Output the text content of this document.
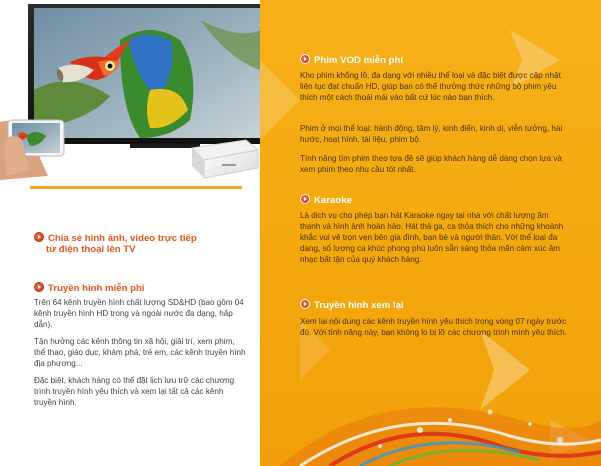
Chia sẻ hình ảnh, video trực tiếp
từ điện thoại lên TV
Truyền hình miễn phí
Trên 64 kênh truyền hình chất lượng SD&HD (bao gồm 04 kênh truyền hình HD trong và ngoài nước đa dạng, hấp dẫn).
Tận hưởng các kênh thông tin xã hội, giải trí, xem phim, thể thao, giáo dục, khám phá, trẻ em, các kênh truyền hình địa phương...
Đặc biệt, khách hàng có thể đặt lịch lưu trữ các chương trình truyền hình yêu thích và xem lại tất cả các kênh truyền hình.
Phim VOD miễn phí
Kho phim khổng lồ, đa dạng với nhiều thể loại và đặc biệt được cập nhật liên tục đạt chuẩn HD, giúp bạn có thể thưởng thức những bộ phim yêu thích một cách thoải mái vào bất cứ lúc nào bạn thích.
Phim ở mọi thể loại: hành động, tâm lý, kinh điển, kinh dị, viễn tưởng, hài hước, hoạt hình, tài liệu, phim bộ.
Tính năng tìm phim theo tựa đề sẽ giúp khách hàng dễ dàng chọn lựa và xem phim theo nhu cầu tốt nhất.
Karaoke
Là dịch vụ cho phép bạn hát Karaoke ngay tại nhà với chất lượng âm thanh và hình ảnh hoàn hảo. Hát thả ga, ca thỏa thích cho những khoảnh khắc vui vẻ trọn vẹn bên gia đình, bạn bè và người thân. Với thể loại đa dạng, số lượng ca khúc phong phú luôn sẵn sàng thỏa mãn cảm xúc âm nhạc bất tận của quý khách hàng.
Truyền hình xem lại
Xem lại nội dung các kênh truyền hình yêu thích trong vòng 07 ngày trước đó. Với tính năng này, bạn không lo bị lỡ các chương trình mình yêu thích.
